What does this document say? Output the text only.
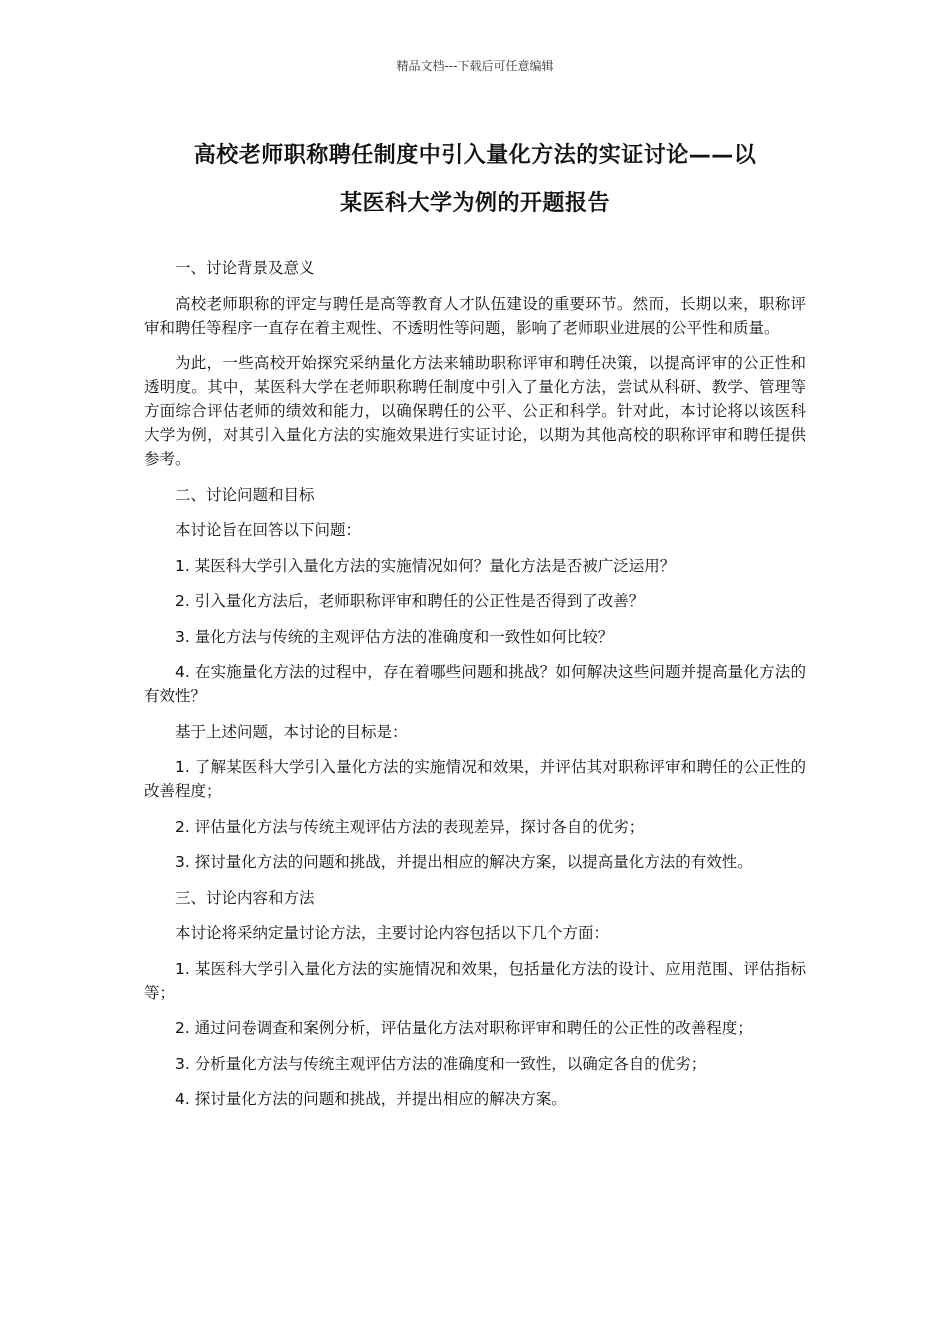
精品文档---下载后可任意编辑
高校老师职称聘任制度中引入量化方法的实证讨论——以
某医科大学为例的开题报告

一、讨论背景及意义

高校老师职称的评定与聘任是高等教育人才队伍建设的重要环节。然而，长期以来，职称评审和聘任等程序一直存在着主观性、不透明性等问题，影响了老师职业进展的公平性和质量。

为此，一些高校开始探究采纳量化方法来辅助职称评审和聘任决策，以提高评审的公正性和透明度。其中，某医科大学在老师职称聘任制度中引入了量化方法，尝试从科研、教学、管理等方面综合评估老师的绩效和能力，以确保聘任的公平、公正和科学。针对此，本讨论将以该医科大学为例，对其引入量化方法的实施效果进行实证讨论，以期为其他高校的职称评审和聘任提供参考。

二、讨论问题和目标

本讨论旨在回答以下问题：

1. 某医科大学引入量化方法的实施情况如何？量化方法是否被广泛运用？

2. 引入量化方法后，老师职称评审和聘任的公正性是否得到了改善？

3. 量化方法与传统的主观评估方法的准确度和一致性如何比较？

4. 在实施量化方法的过程中，存在着哪些问题和挑战？如何解决这些问题并提高量化方法的有效性？

基于上述问题，本讨论的目标是：

1. 了解某医科大学引入量化方法的实施情况和效果，并评估其对职称评审和聘任的公正性的改善程度；

2. 评估量化方法与传统主观评估方法的表现差异，探讨各自的优劣；

3. 探讨量化方法的问题和挑战，并提出相应的解决方案，以提高量化方法的有效性。

三、讨论内容和方法

本讨论将采纳定量讨论方法，主要讨论内容包括以下几个方面：

1. 某医科大学引入量化方法的实施情况和效果，包括量化方法的设计、应用范围、评估指标等；

2. 通过问卷调查和案例分析，评估量化方法对职称评审和聘任的公正性的改善程度；

3. 分析量化方法与传统主观评估方法的准确度和一致性，以确定各自的优劣；

4. 探讨量化方法的问题和挑战，并提出相应的解决方案。
